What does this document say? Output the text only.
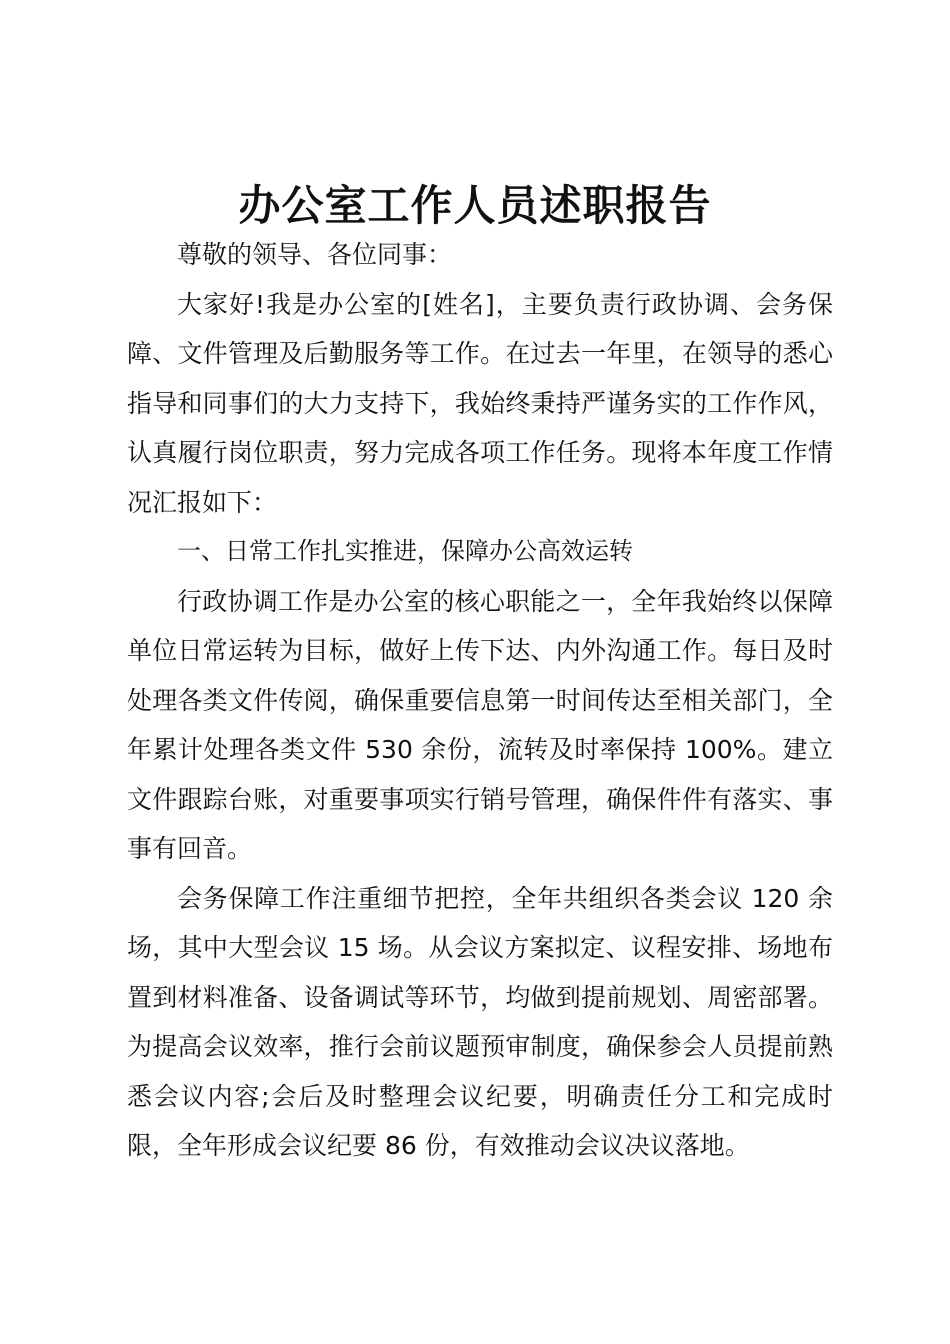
办公室工作人员述职报告

尊敬的领导、各位同事：

大家好!我是办公室的[姓名]，主要负责行政协调、会务保障、文件管理及后勤服务等工作。在过去一年里，在领导的悉心指导和同事们的大力支持下，我始终秉持严谨务实的工作作风，认真履行岗位职责，努力完成各项工作任务。现将本年度工作情况汇报如下：

一、日常工作扎实推进，保障办公高效运转

行政协调工作是办公室的核心职能之一，全年我始终以保障单位日常运转为目标，做好上传下达、内外沟通工作。每日及时处理各类文件传阅，确保重要信息第一时间传达至相关部门，全年累计处理各类文件 530 余份，流转及时率保持 100%。建立文件跟踪台账，对重要事项实行销号管理，确保件件有落实、事事有回音。

会务保障工作注重细节把控，全年共组织各类会议 120 余场，其中大型会议 15 场。从会议方案拟定、议程安排、场地布置到材料准备、设备调试等环节，均做到提前规划、周密部署。为提高会议效率，推行会前议题预审制度，确保参会人员提前熟悉会议内容;会后及时整理会议纪要，明确责任分工和完成时限，全年形成会议纪要 86 份，有效推动会议决议落地。
